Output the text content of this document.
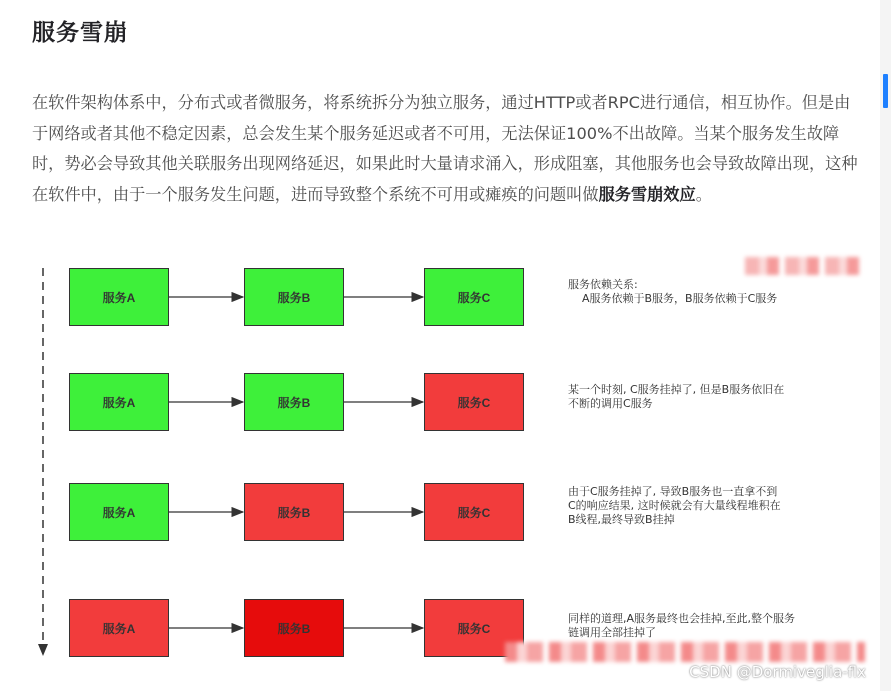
服务雪崩

在软件架构体系中，分布式或者微服务，将系统拆分为独立服务，通过HTTP或者RPC进行通信，相互协作。但是由于网络或者其他不稳定因素，总会发生某个服务延迟或者不可用，无法保证100%不出故障。当某个服务发生故障时，势必会导致其他关联服务出现网络延迟，如果此时大量请求涌入，形成阻塞，其他服务也会导致故障出现，这种在软件中，由于一个服务发生问题，进而导致整个系统不可用或瘫痪的问题叫做服务雪崩效应。

服务A	服务B	服务C
服务A	服务B	服务C
服务A	服务B	服务C
服务A	服务B	服务C
服务依赖关系:
A服务依赖于B服务，B服务依赖于C服务
某一个时刻, C服务挂掉了, 但是B服务依旧在
不断的调用C服务
由于C服务挂掉了, 导致B服务也一直拿不到
C的响应结果, 这时候就会有大量线程堆积在
B线程,最终导致B挂掉
同样的道理,A服务最终也会挂掉,至此,整个服务
链调用全部挂掉了
CSDN @Dormiveglia-flx
